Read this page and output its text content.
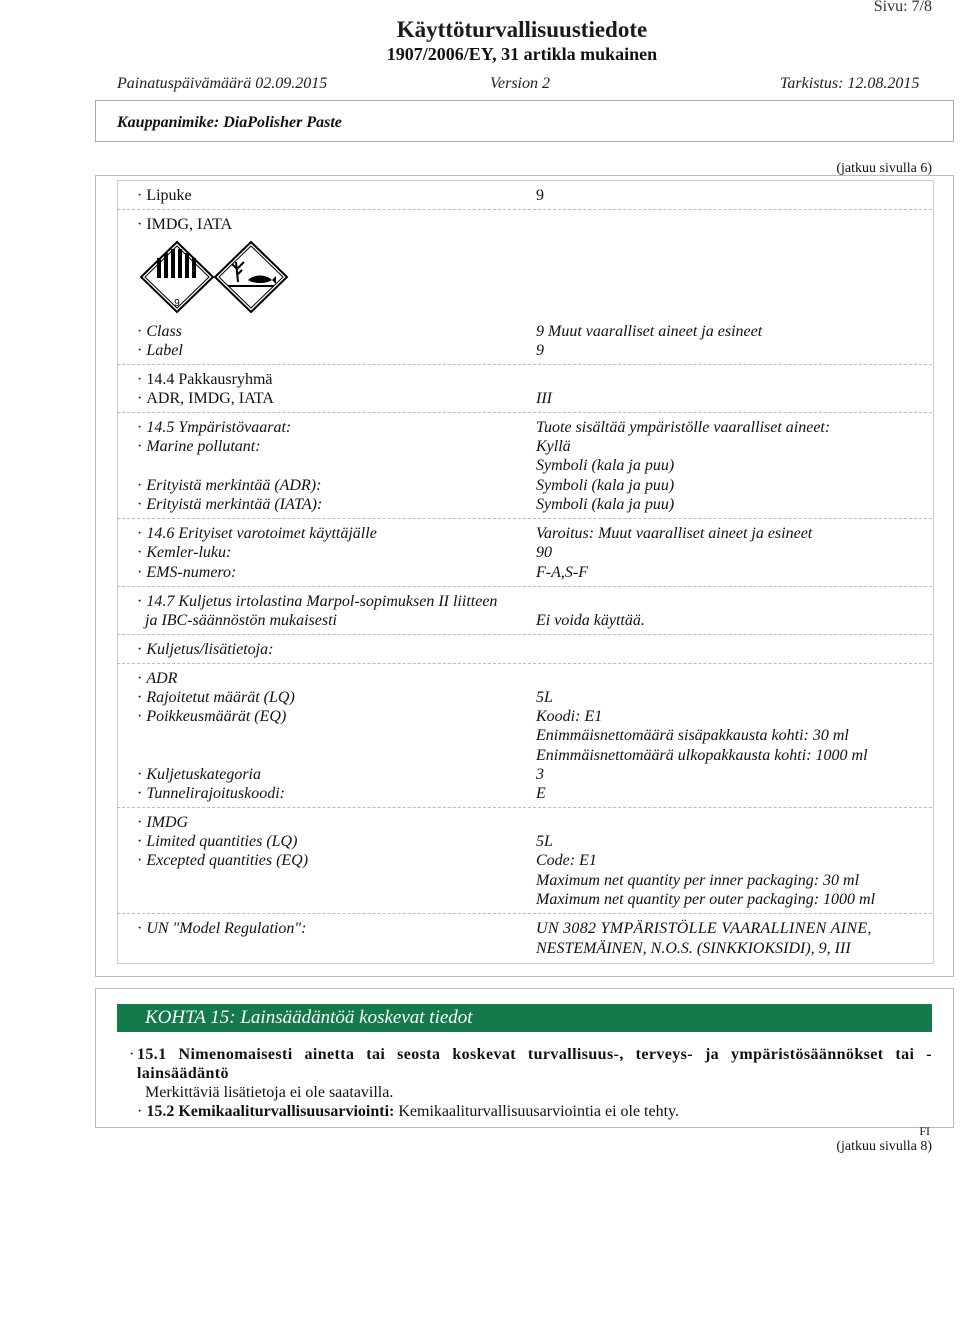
Sivu: 7/8
Käyttöturvallisuustiedote
1907/2006/EY, 31 artikla mukainen
Painatuspäivämäärä 02.09.2015	Version 2	Tarkistus: 12.08.2015
Kauppanimike: DiaPolisher Paste
(jatkuu sivulla 6)
· Lipuke	9
· IMDG, IATA
9
· Class	9 Muut vaaralliset aineet ja esineet
· Label	9
· 14.4 Pakkausryhmä
· ADR, IMDG, IATA	III
· 14.5 Ympäristövaarat:	Tuote sisältää ympäristölle vaaralliset aineet:
· Marine pollutant:	Kyllä
Symboli (kala ja puu)
· Erityistä merkintää (ADR):	Symboli (kala ja puu)
· Erityistä merkintää (IATA):	Symboli (kala ja puu)
· 14.6 Erityiset varotoimet käyttäjälle	Varoitus: Muut vaaralliset aineet ja esineet
· Kemler-luku:	90
· EMS-numero:	F-A,S-F
· 14.7 Kuljetus irtolastina Marpol-sopimuksen II liitteen
ja IBC-säännöstön mukaisesti	Ei voida käyttää.
· Kuljetus/lisätietoja:
· ADR
· Rajoitetut määrät (LQ)	5L
· Poikkeusmäärät (EQ)	Koodi: E1
Enimmäisnettomäärä sisäpakkausta kohti: 30 ml
Enimmäisnettomäärä ulkopakkausta kohti: 1000 ml
· Kuljetuskategoria	3
· Tunnelirajoituskoodi:	E
· IMDG
· Limited quantities (LQ)	5L
· Excepted quantities (EQ)	Code: E1
Maximum net quantity per inner packaging: 30 ml
Maximum net quantity per outer packaging: 1000 ml
· UN "Model Regulation":	UN 3082 YMPÄRISTÖLLE VAARALLINEN AINE,
NESTEMÄINEN, N.O.S. (SINKKIOKSIDI), 9, III
KOHTA 15: Lainsäädäntöä koskevat tiedot
· 15.1 Nimenomaisesti ainetta tai seosta koskevat turvallisuus-, terveys- ja ympäristösäännökset tai - lainsäädäntö
Merkittäviä lisätietoja ei ole saatavilla.
· 15.2 Kemikaaliturvallisuusarviointi: Kemikaaliturvallisuusarviointia ei ole tehty.
FI
(jatkuu sivulla 8)
